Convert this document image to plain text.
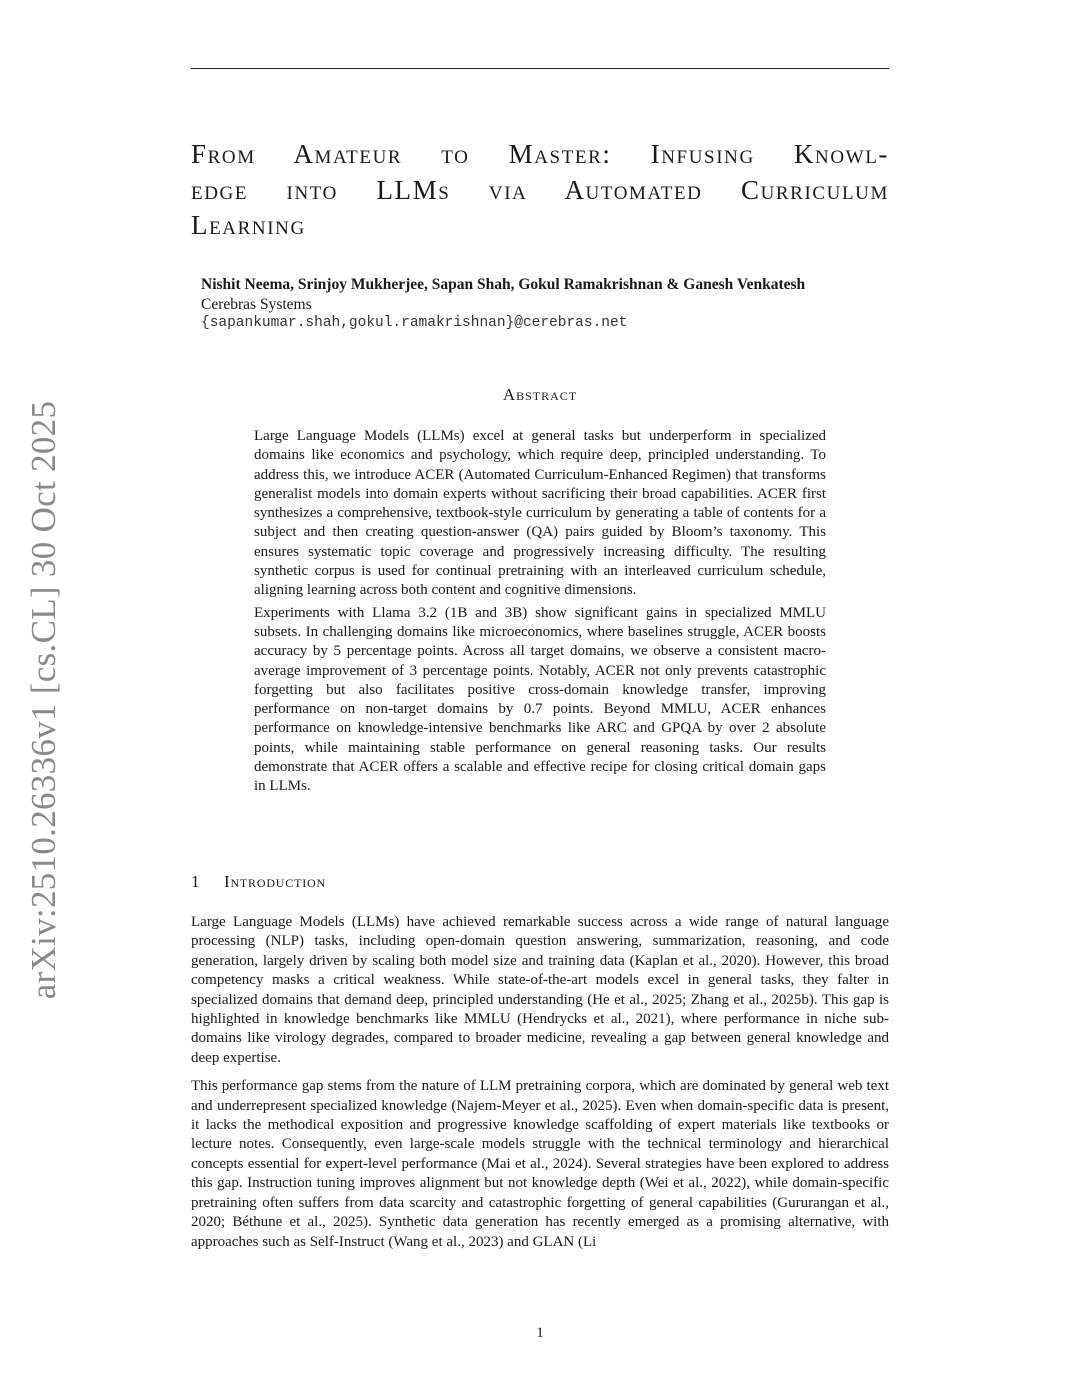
arXiv:2510.26336v1 [cs.CL] 30 Oct 2025
From Amateur to Master: Infusing Knowl-
edge into LLMs via Automated Curriculum
Learning
Nishit Neema, Srinjoy Mukherjee, Sapan Shah, Gokul Ramakrishnan & Ganesh Venkatesh
Cerebras Systems
{sapankumar.shah,gokul.ramakrishnan}@cerebras.net
Abstract

Large Language Models (LLMs) excel at general tasks but underperform in specialized domains like economics and psychology, which require deep, principled understanding. To address this, we introduce ACER (Automated Curriculum-Enhanced Regimen) that transforms generalist models into domain experts without sacrificing their broad capabilities. ACER first synthesizes a comprehensive, textbook-style curriculum by generating a table of contents for a subject and then creating question-answer (QA) pairs guided by Bloom’s taxonomy. This ensures systematic topic coverage and progressively increasing difficulty. The resulting synthetic corpus is used for continual pretraining with an interleaved curriculum schedule, aligning learning across both content and cognitive dimensions.

Experiments with Llama 3.2 (1B and 3B) show significant gains in specialized MMLU subsets. In challenging domains like microeconomics, where baselines struggle, ACER boosts accuracy by 5 percentage points. Across all target domains, we observe a consistent macro-average improvement of 3 percentage points. Notably, ACER not only prevents catastrophic forgetting but also facilitates positive cross-domain knowledge transfer, improving performance on non-target domains by 0.7 points. Beyond MMLU, ACER enhances performance on knowledge-intensive benchmarks like ARC and GPQA by over 2 absolute points, while maintaining stable performance on general reasoning tasks. Our results demonstrate that ACER offers a scalable and effective recipe for closing critical domain gaps in LLMs.

1 Introduction

Large Language Models (LLMs) have achieved remarkable success across a wide range of natural language processing (NLP) tasks, including open-domain question answering, summarization, reasoning, and code generation, largely driven by scaling both model size and training data (Kaplan et al., 2020). However, this broad competency masks a critical weakness. While state-of-the-art models excel in general tasks, they falter in specialized domains that demand deep, principled understanding (He et al., 2025; Zhang et al., 2025b). This gap is highlighted in knowledge benchmarks like MMLU (Hendrycks et al., 2021), where performance in niche sub-domains like virology degrades, compared to broader medicine, revealing a gap between general knowledge and deep expertise.

This performance gap stems from the nature of LLM pretraining corpora, which are dominated by general web text and underrepresent specialized knowledge (Najem-Meyer et al., 2025). Even when domain-specific data is present, it lacks the methodical exposition and progressive knowledge scaffolding of expert materials like textbooks or lecture notes. Consequently, even large-scale models struggle with the technical terminology and hierarchical concepts essential for expert-level performance (Mai et al., 2024). Several strategies have been explored to address this gap. Instruction tuning improves alignment but not knowledge depth (Wei et al., 2022), while domain-specific pretraining often suffers from data scarcity and catastrophic forgetting of general capabilities (Gururangan et al., 2020; Béthune et al., 2025). Synthetic data generation has recently emerged as a promising alternative, with approaches such as Self-Instruct (Wang et al., 2023) and GLAN (Li

1
